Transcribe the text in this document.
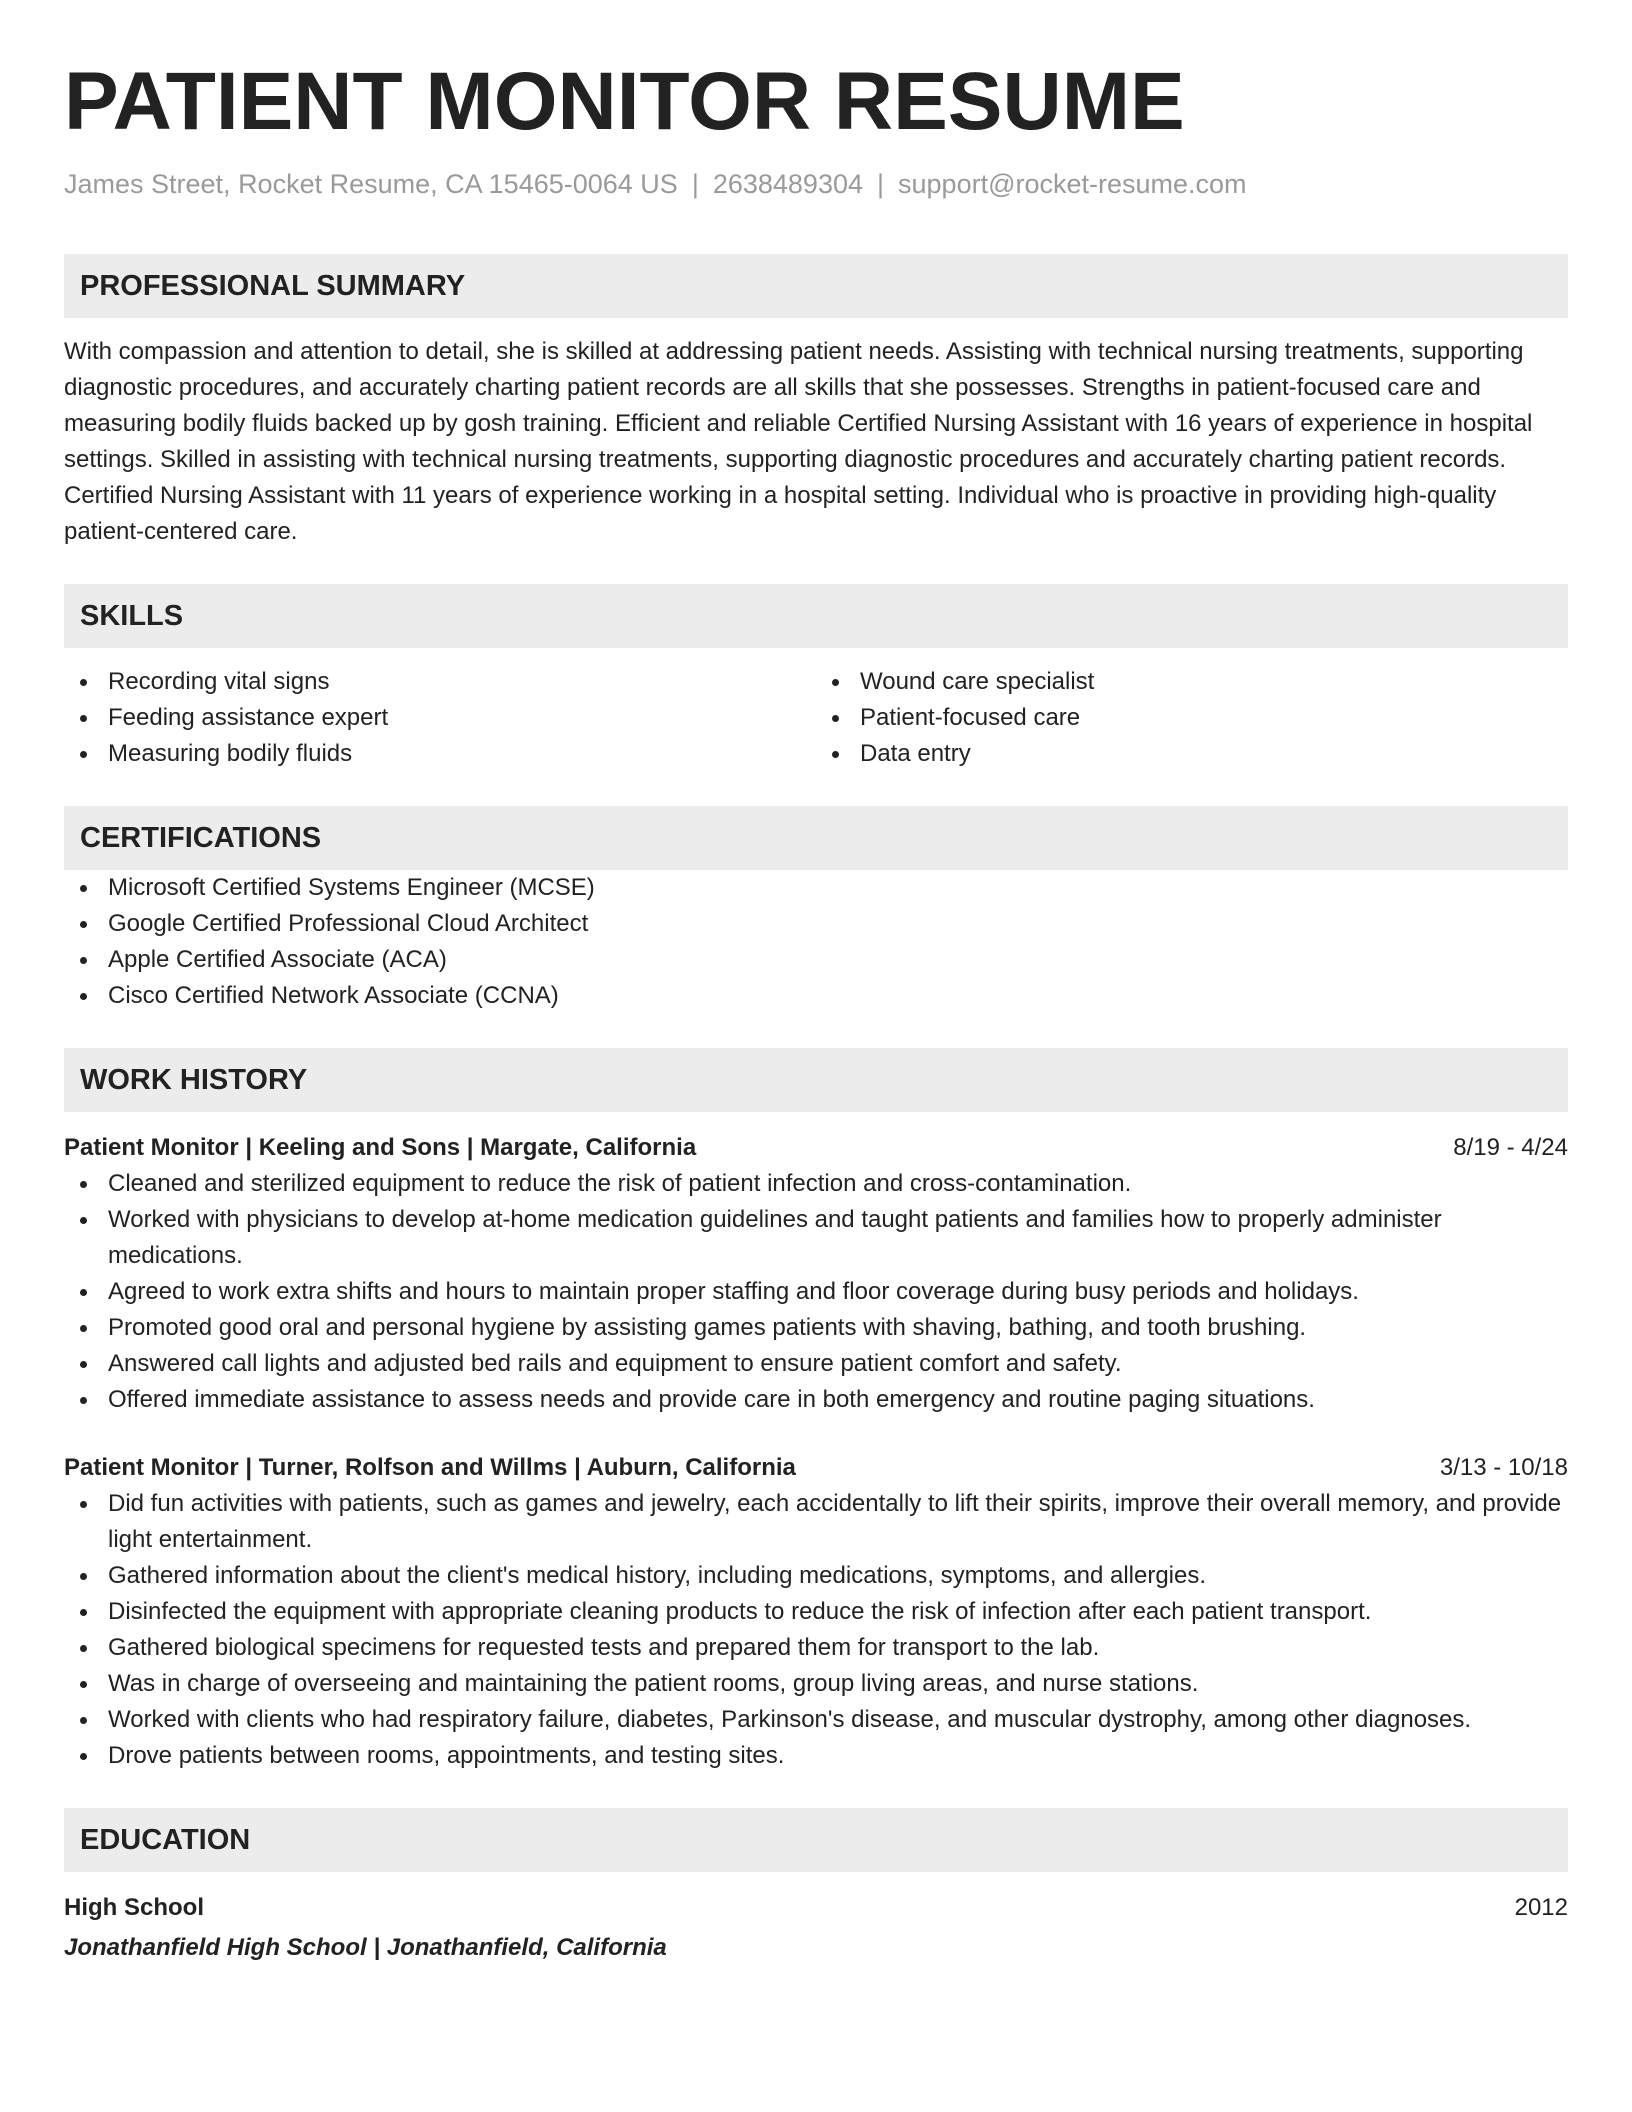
PATIENT MONITOR RESUME
James Street, Rocket Resume, CA 15465-0064 US | 2638489304 | support@rocket-resume.com
PROFESSIONAL SUMMARY

With compassion and attention to detail, she is skilled at addressing patient needs. Assisting with technical nursing treatments, supporting diagnostic procedures, and accurately charting patient records are all skills that she possesses. Strengths in patient-focused care and measuring bodily fluids backed up by gosh training. Efficient and reliable Certified Nursing Assistant with 16 years of experience in hospital settings. Skilled in assisting with technical nursing treatments, supporting diagnostic procedures and accurately charting patient records. Certified Nursing Assistant with 11 years of experience working in a hospital setting. Individual who is proactive in providing high-quality patient-centered care.

SKILLS
Recording vital signs
Feeding assistance expert
Measuring bodily fluids
Wound care specialist
Patient-focused care
Data entry
CERTIFICATIONS
Microsoft Certified Systems Engineer (MCSE)
Google Certified Professional Cloud Architect
Apple Certified Associate (ACA)
Cisco Certified Network Associate (CCNA)
WORK HISTORY
Patient Monitor | Keeling and Sons | Margate, California	8/19 - 4/24
Cleaned and sterilized equipment to reduce the risk of patient infection and cross-contamination.
Worked with physicians to develop at-home medication guidelines and taught patients and families how to properly administer medications.
Agreed to work extra shifts and hours to maintain proper staffing and floor coverage during busy periods and holidays.
Promoted good oral and personal hygiene by assisting games patients with shaving, bathing, and tooth brushing.
Answered call lights and adjusted bed rails and equipment to ensure patient comfort and safety.
Offered immediate assistance to assess needs and provide care in both emergency and routine paging situations.
Patient Monitor | Turner, Rolfson and Willms | Auburn, California	3/13 - 10/18
Did fun activities with patients, such as games and jewelry, each accidentally to lift their spirits, improve their overall memory, and provide light entertainment.
Gathered information about the client's medical history, including medications, symptoms, and allergies.
Disinfected the equipment with appropriate cleaning products to reduce the risk of infection after each patient transport.
Gathered biological specimens for requested tests and prepared them for transport to the lab.
Was in charge of overseeing and maintaining the patient rooms, group living areas, and nurse stations.
Worked with clients who had respiratory failure, diabetes, Parkinson's disease, and muscular dystrophy, among other diagnoses.
Drove patients between rooms, appointments, and testing sites.
EDUCATION
High School	2012
Jonathanfield High School | Jonathanfield, California
